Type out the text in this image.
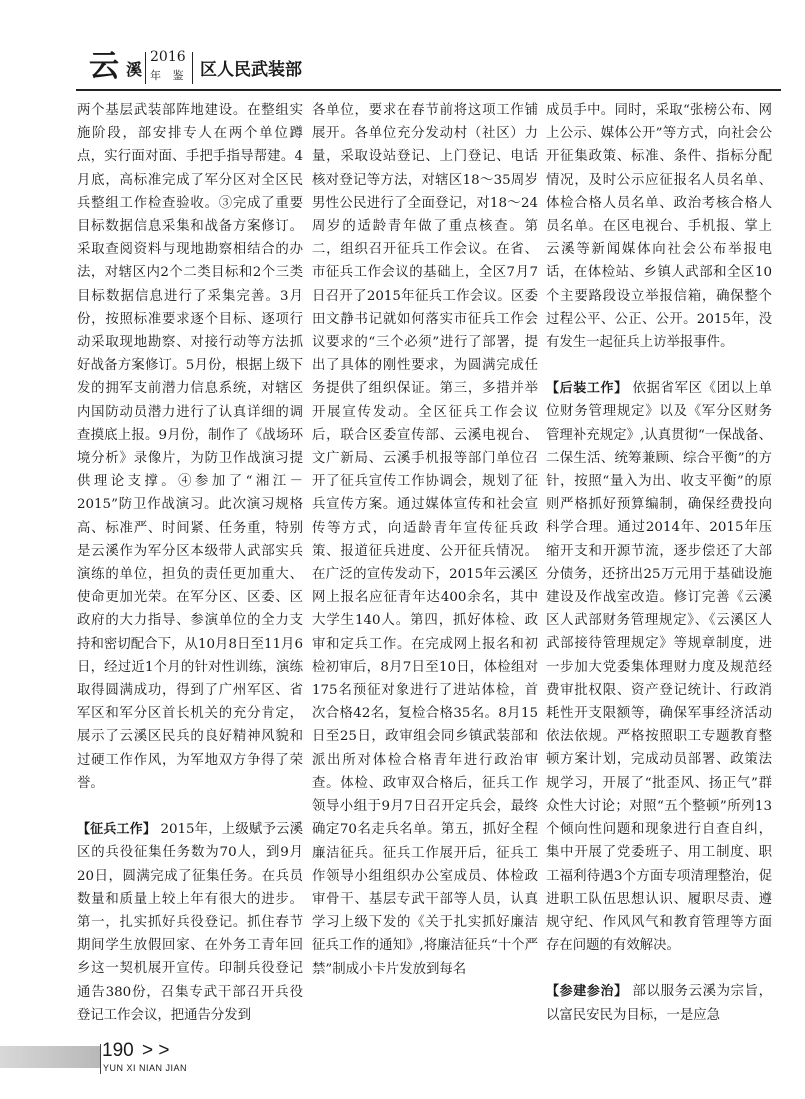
云 溪
2016
年 鉴 区人民武装部

两个基层武装部阵地建设。在整组实施阶段，部安排专人在两个单位蹲点，实行面对面、手把手指导帮建。4月底，高标准完成了军分区对全区民兵整组工作检查验收。③完成了重要目标数据信息采集和战备方案修订。采取查阅资料与现地勘察相结合的办法，对辖区内2个二类目标和2个三类目标数据信息进行了采集完善。3月份，按照标准要求逐个目标、逐项行动采取现地勘察、对接行动等方法抓好战备方案修订。5月份，根据上级下发的拥军支前潜力信息系统，对辖区内国防动员潜力进行了认真详细的调查摸底上报。9月份，制作了《战场环境分析》录像片，为防卫作战演习提供理论支撑。④参加了“湘江－2015”防卫作战演习。此次演习规格高、标准严、时间紧、任务重，特别是云溪作为军分区本级带人武部实兵演练的单位，担负的责任更加重大、使命更加光荣。在军分区、区委、区政府的大力指导、参演单位的全力支持和密切配合下，从10月8日至11月6日，经过近1个月的针对性训练，演练取得圆满成功，得到了广州军区、省军区和军分区首长机关的充分肯定，展示了云溪区民兵的良好精神风貌和过硬工作作风，为军地双方争得了荣誉。

【征兵工作】 2015年，上级赋予云溪区的兵役征集任务数为70人，到9月20日，圆满完成了征集任务。在兵员数量和质量上较上年有很大的进步。第一，扎实抓好兵役登记。抓住春节期间学生放假回家、在外务工青年回乡这一契机展开宣传。印制兵役登记通告380份，召集专武干部召开兵役登记工作会议，把通告分发到

各单位，要求在春节前将这项工作铺展开。各单位充分发动村（社区）力量，采取设站登记、上门登记、电话核对登记等方法，对辖区18～35周岁男性公民进行了全面登记，对18～24周岁的适龄青年做了重点核查。第二，组织召开征兵工作会议。在省、市征兵工作会议的基础上，全区7月7日召开了2015年征兵工作会议。区委田文静书记就如何落实市征兵工作会议要求的“三个必须”进行了部署，提出了具体的刚性要求，为圆满完成任务提供了组织保证。第三，多措并举开展宣传发动。全区征兵工作会议后，联合区委宣传部、云溪电视台、文广新局、云溪手机报等部门单位召开了征兵宣传工作协调会，规划了征兵宣传方案。通过媒体宣传和社会宣传等方式，向适龄青年宣传征兵政策、报道征兵进度、公开征兵情况。在广泛的宣传发动下，2015年云溪区网上报名应征青年达400余名，其中大学生140人。第四，抓好体检、政审和定兵工作。在完成网上报名和初检初审后，8月7日至10日，体检组对175名预征对象进行了进站体检，首次合格42名，复检合格35名。8月15日至25日，政审组会同乡镇武装部和派出所对体检合格青年进行政治审查。体检、政审双合格后，征兵工作领导小组于9月7日召开定兵会，最终确定70名走兵名单。第五，抓好全程廉洁征兵。征兵工作展开后，征兵工作领导小组组织办公室成员、体检政审骨干、基层专武干部等人员，认真学习上级下发的《关于扎实抓好廉洁征兵工作的通知》,将廉洁征兵“十个严禁”制成小卡片发放到每名

成员手中。同时，采取“张榜公布、网上公示、媒体公开”等方式，向社会公开征集政策、标准、条件、指标分配情况，及时公示应征报名人员名单、体检合格人员名单、政治考核合格人员名单。在区电视台、手机报、掌上云溪等新闻媒体向社会公布举报电话，在体检站、乡镇人武部和全区10个主要路段设立举报信箱，确保整个过程公平、公正、公开。2015年，没有发生一起征兵上访举报事件。

【后装工作】 依据省军区《团以上单位财务管理规定》以及《军分区财务管理补充规定》,认真贯彻“一保战备、二保生活、统筹兼顾、综合平衡”的方针，按照“量入为出、收支平衡”的原则严格抓好预算编制，确保经费投向科学合理。通过2014年、2015年压缩开支和开源节流，逐步偿还了大部分债务，还挤出25万元用于基础设施建设及作战室改造。修订完善《云溪区人武部财务管理规定》、《云溪区人武部接待管理规定》等规章制度，进一步加大党委集体理财力度及规范经费审批权限、资产登记统计、行政消耗性开支限额等，确保军事经济活动依法依规。严格按照职工专题教育整顿方案计划，完成动员部署、政策法规学习，开展了“批歪风、扬正气”群众性大讨论；对照“五个整顿”所列13个倾向性问题和现象进行自查自纠，集中开展了党委班子、用工制度、职工福利待遇3个方面专项清理整治，促进职工队伍思想认识、履职尽责、遵规守纪、作风风气和教育管理等方面存在问题的有效解决。

【参建参治】 部以服务云溪为宗旨，以富民安民为目标，一是应急

190 > >
YUN XI NIAN JIAN
